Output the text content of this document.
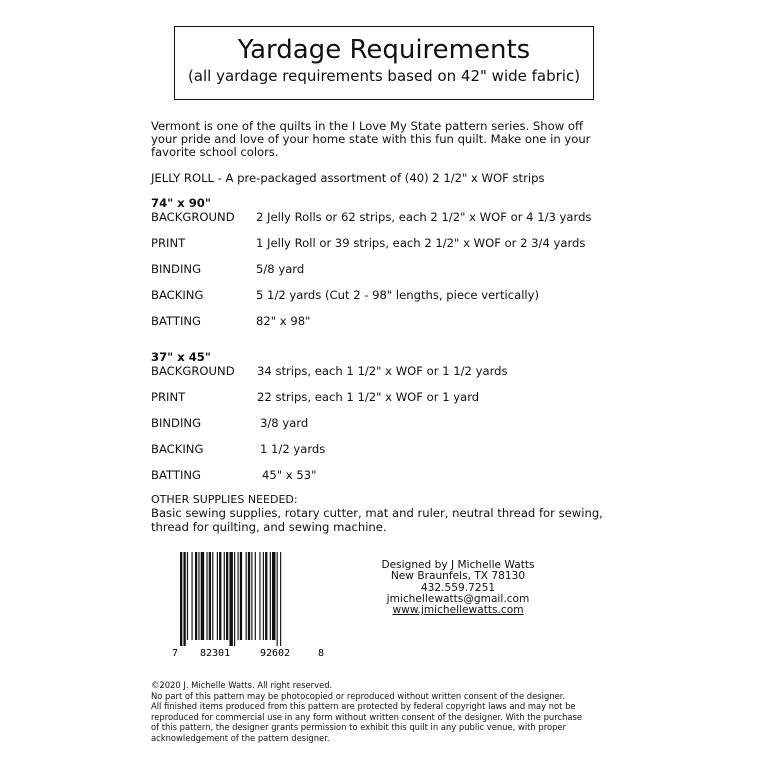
Yardage Requirements
(all yardage requirements based on 42" wide fabric)
Vermont is one of the quilts in the I Love My State pattern series. Show off
your pride and love of your home state with this fun quilt. Make one in your
favorite school colors.
JELLY ROLL - A pre-packaged assortment of (40) 2 1/2" x WOF strips
74" x 90"
BACKGROUND 2 Jelly Rolls or 62 strips, each 2 1/2" x WOF or 4 1/3 yards
PRINT	1 Jelly Roll or 39 strips, each 2 1/2" x WOF or 2 3/4 yards
BINDING	5/8 yard
BACKING	5 1/2 yards (Cut 2 - 98" lengths, piece vertically)
BATTING	82" x 98"
37" x 45"
BACKGROUND 34 strips, each 1 1/2" x WOF or 1 1/2 yards
PRINT	22 strips, each 1 1/2" x WOF or 1 yard
BINDING	3/8 yard
BACKING	1 1/2 yards
BATTING	45" x 53"
OTHER SUPPLIES NEEDED:
Basic sewing supplies, rotary cutter, mat and ruler, neutral thread for sewing,
thread for quilting, and sewing machine.
7 82301	92602	8
Designed by J Michelle Watts
New Braunfels, TX 78130
432.559.7251
jmichellewatts@gmail.com
www.jmichellewatts.com
©2020 J. Michelle Watts. All right reserved.
No part of this pattern may be photocopied or reproduced without written consent of the designer.
All finished items produced from this pattern are protected by federal copyright laws and may not be
reproduced for commercial use in any form without written consent of the designer. With the purchase
of this pattern, the designer grants permission to exhibit this quilt in any public venue, with proper
acknowledgement of the pattern designer.
